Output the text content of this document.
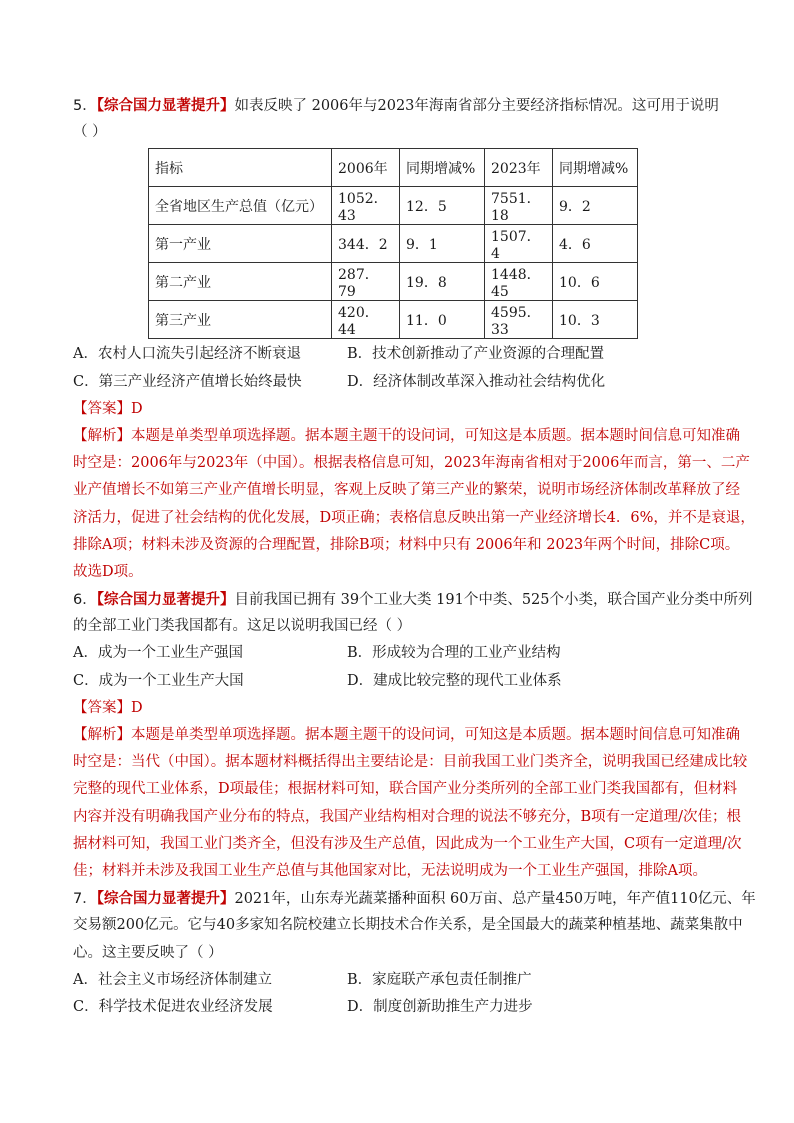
5．【综合国力显著提升】如表反映了 2006年与2023年海南省部分主要经济指标情况。这可用于说明
（ ）
指标	2006年	同期增减%	2023年	同期增减%
全省地区生产总值（亿元）	1052．43	12．5	7551．18	9．2
第一产业	344．2	9．1	1507．4	4．6
第二产业	287．79	19．8	1448．45	10．6
第三产业	420．44	11．0	4595．33	10．3
A．农村人口流失引起经济不断衰退	B．技术创新推动了产业资源的合理配置
C．第三产业经济产值增长始终最快	D．经济体制改革深入推动社会结构优化
【答案】D
【解析】本题是单类型单项选择题。据本题主题干的设问词，可知这是本质题。据本题时间信息可知准确
时空是：2006年与2023年（中国）。根据表格信息可知，2023年海南省相对于2006年而言，第一、二产
业产值增长不如第三产业产值增长明显，客观上反映了第三产业的繁荣，说明市场经济体制改革释放了经
济活力，促进了社会结构的优化发展，D项正确；表格信息反映出第一产业经济增长4．6%，并不是衰退，
排除A项；材料未涉及资源的合理配置，排除B项；材料中只有 2006年和 2023年两个时间，排除C项。
故选D项。
6．【综合国力显著提升】目前我国已拥有 39个工业大类 191个中类、525个小类，联合国产业分类中所列
的全部工业门类我国都有。这足以说明我国已经（ ）
A．成为一个工业生产强国	B．形成较为合理的工业产业结构
C．成为一个工业生产大国	D．建成比较完整的现代工业体系
【答案】D
【解析】本题是单类型单项选择题。据本题主题干的设问词，可知这是本质题。据本题时间信息可知准确
时空是：当代（中国）。据本题材料概括得出主要结论是：目前我国工业门类齐全，说明我国已经建成比较
完整的现代工业体系，D项最佳；根据材料可知，联合国产业分类所列的全部工业门类我国都有，但材料
内容并没有明确我国产业分布的特点，我国产业结构相对合理的说法不够充分，B项有一定道理/次佳；根
据材料可知，我国工业门类齐全，但没有涉及生产总值，因此成为一个工业生产大国，C项有一定道理/次
佳；材料并未涉及我国工业生产总值与其他国家对比，无法说明成为一个工业生产强国，排除A项。
7．【综合国力显著提升】2021年，山东寿光蔬菜播种面积 60万亩、总产量450万吨，年产值110亿元、年
交易额200亿元。它与40多家知名院校建立长期技术合作关系，是全国最大的蔬菜种植基地、蔬菜集散中
心。这主要反映了（ ）
A．社会主义市场经济体制建立	B．家庭联产承包责任制推广
C．科学技术促进农业经济发展	D．制度创新助推生产力进步
